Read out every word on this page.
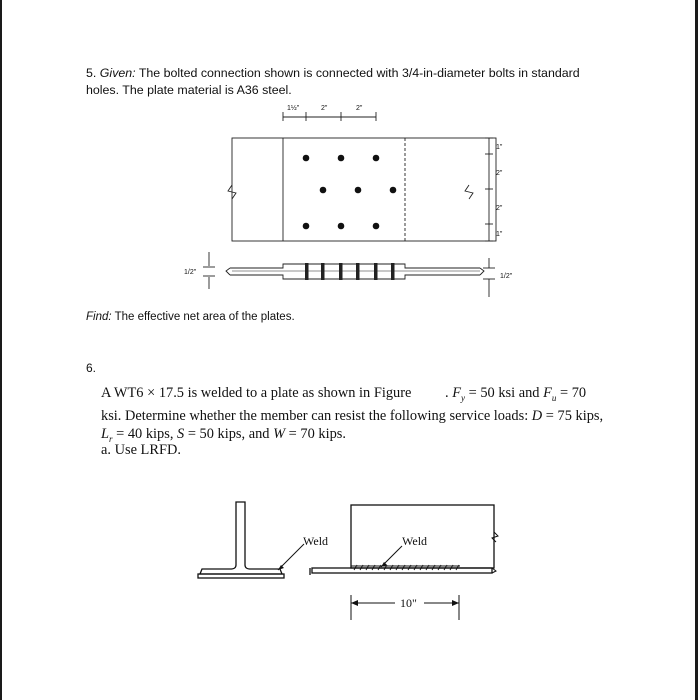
5. Given: The bolted connection shown is connected with 3/4-in-diameter bolts in standard holes. The plate material is A36 steel.
1½"	2"	2"
1"
2"
2"
1"
1/2"
1/2"
Find: The effective net area of the plates.
6.
A WT6 × 17.5 is welded to a plate as shown in Figure . $F_y = 50$ ksi and $F_u = 70$ ksi. Determine whether the member can resist the following service loads: D = 75 kips, $L_r = 40$ kips, S = 50 kips, and W = 70 kips.
a. Use LRFD.
Weld	Weld
10"
